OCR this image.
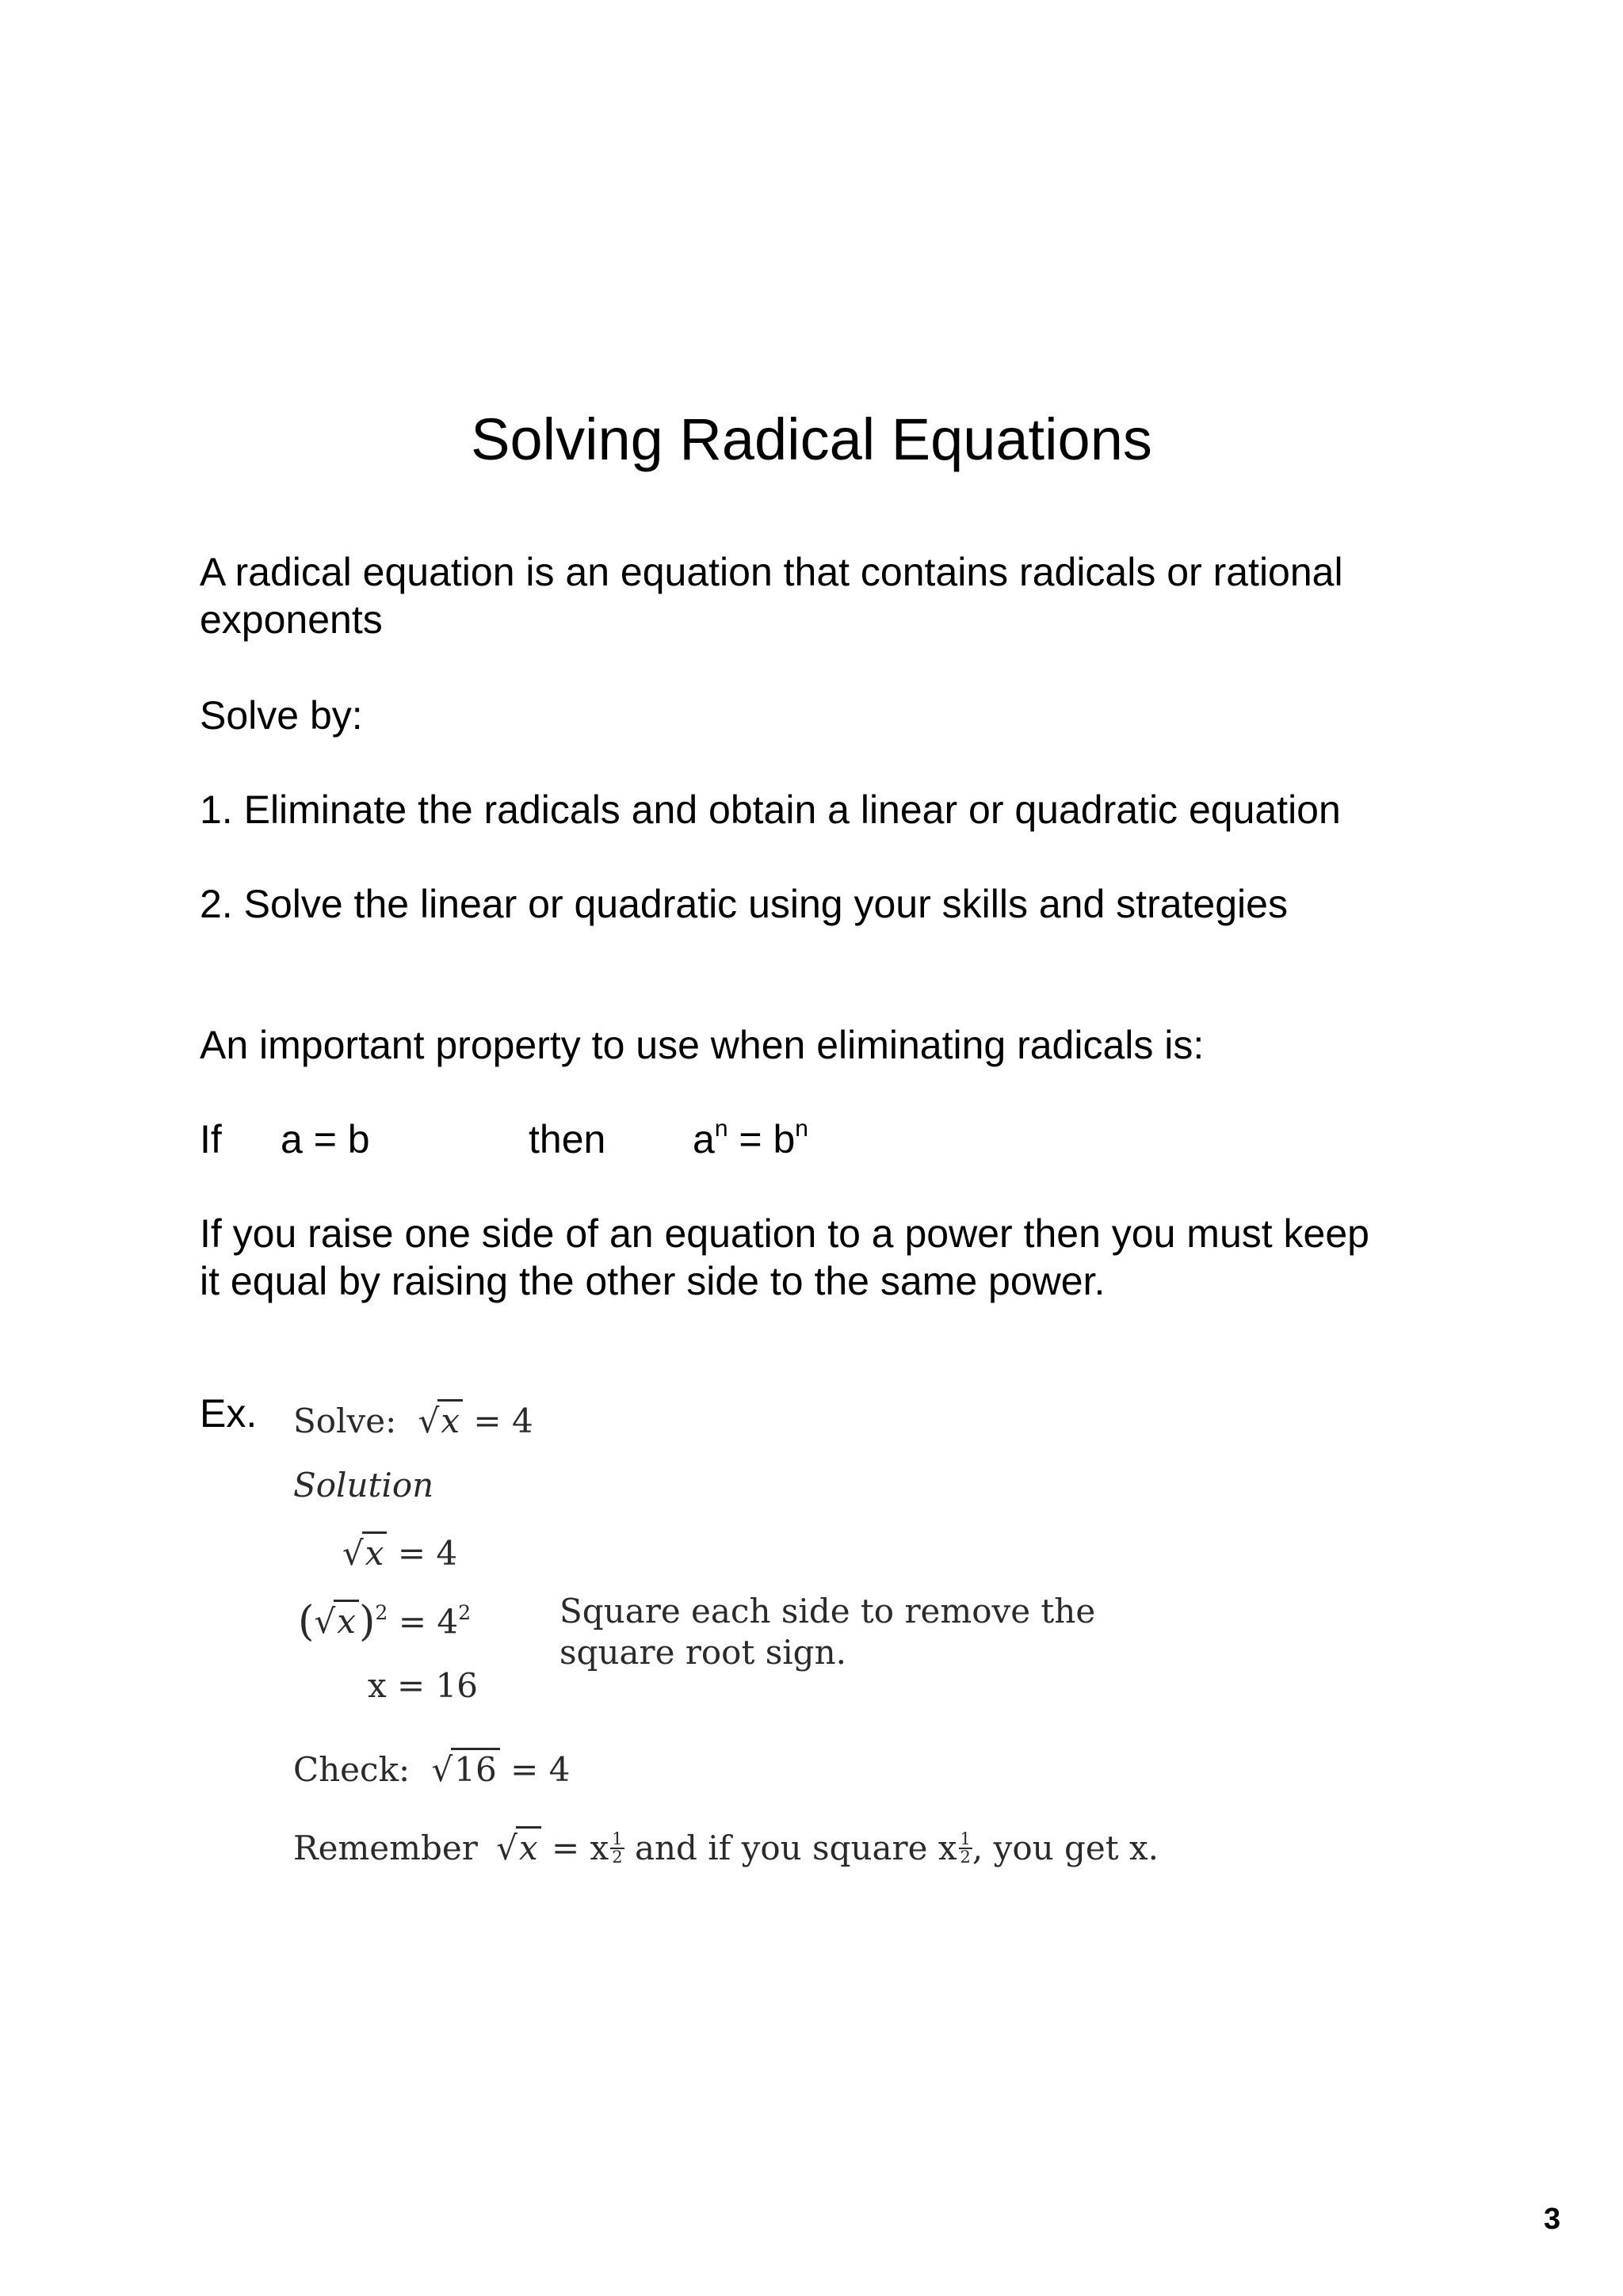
Solving Radical Equations
A radical equation is an equation that contains radicals or rational
exponents
Solve by:
1. Eliminate the radicals and obtain a linear or quadratic equation
2. Solve the linear or quadratic using your skills and strategies
An important property to use when eliminating radicals is:
If a = b	then $a^n = b^n$
If you raise one side of an equation to a power then you must keep
it equal by raising the other side to the same power.
Ex. Solve: √x = 4
Solution
√x = 4
$(√x)^2 = 4^2$	Square each side to remove the
square root sign.
x = 16
Check: √16 = 4
Remember √x = x $\frac{1}{2}$ and if you square x $\frac{1}{2}$ , you get x.
3
